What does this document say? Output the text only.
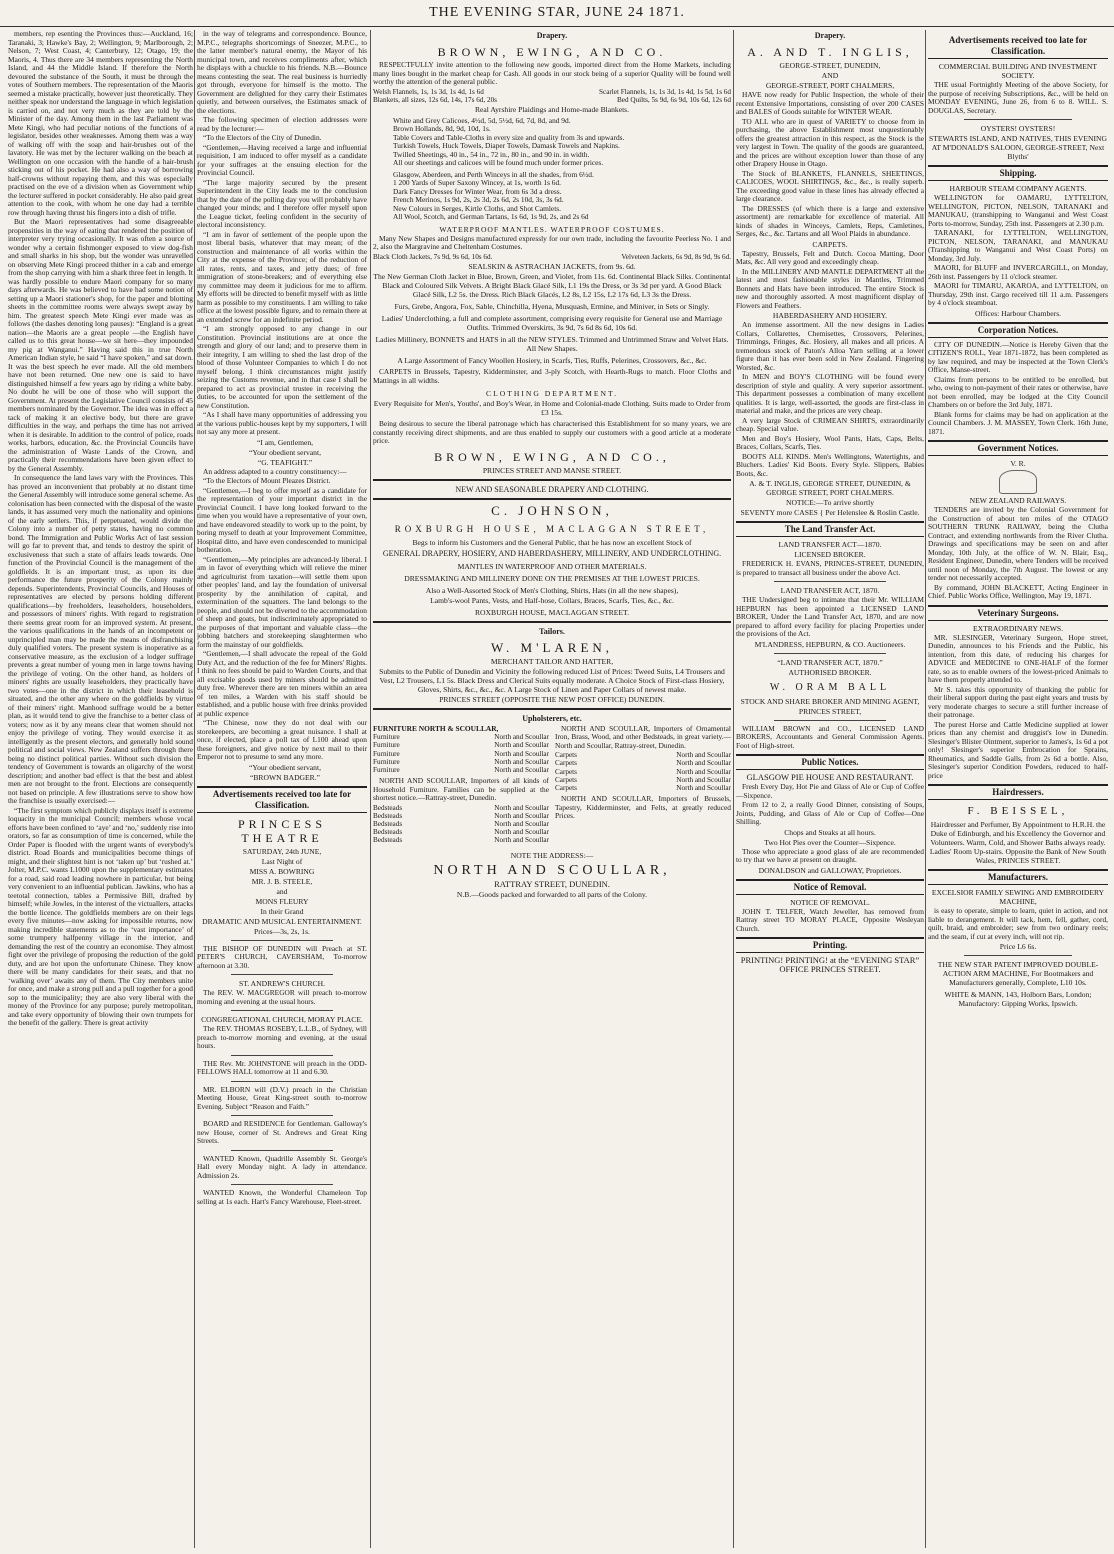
THE EVENING STAR, JUNE 24 1871.

members, rep esenting the Provinces thus:—Auckland, 16; Taranaki, 3; Hawke's Bay, 2; Wellington, 9; Marlborough, 2; Nelson, 7; West Coast, 4; Canterbury, 12; Otago, 19; the Maoris, 4. Thus there are 34 members representing the North Island, and 44 the Middle Island. If therefore the North devoured the substance of the South, it must be through the votes of Southern members. The representation of the Maoris seemed a mistake practically, however just theoretically. They neither speak nor understand the language in which legislation is carried on, and not very much as they are told by the Minister of the day. Among them in the last Parliament was Mete Kingi, who had peculiar notions of the functions of a legislator, besides other weaknesses. Among them was a way of walking off with the soap and hair-brushes out of the lavatory. He was met by the lecturer walking on the beach at Wellington on one occasion with the handle of a hair-brush sticking out of his pocket. He had also a way of borrowing half-crowns without repaying them, and this was especially practised on the eve of a division when as Government whip the lecturer suffered in pocket considerably. He also paid great attention to the cook, with whom he one day had a terrible row through having thrust his fingers into a dish of trifle.

But the Maori representatives had some disagreeable propensities in the way of eating that rendered the position of interpreter very trying occasionally. It was often a source of wonder why a certain fishmonger exposed to view dog-fish and small sharks in his shop, but the wonder was unravelled on observing Mete Kingi proceed thither in a cab and emerge from the shop carrying with him a shark three feet in length. It was hardly possible to endure Maori company for so many days afterwards. He was believed to have had some notion of setting up a Maori stationer's shop, for the paper and blotting sheets in the committee rooms were always swept away by him. The greatest speech Mete Kingi ever made was as follows (the dashes denoting long pauses): “England is a great nation—the Maoris are a great people —the English have called us to this great house—we sit here—they impounded my pig at Wanganui.” Having said this in true North American Indian style, he said “I have spoken,” and sat down. It was the best speech he ever made. All the old members have not been returned. One new one is said to have distinguished himself a few years ago by riding a white baby. No doubt he will be one of those who will support the Government. At present the Legislative Council consists of 45 members nominated by the Governor. The idea was in effect a tack of making it an elective body, but there are grave difficulties in the way, and perhaps the time has not arrived when it is desirable. In addition to the control of police, roads works, harbors, education, &c. the Provincial Councils have the administration of Waste Lands of the Crown, and practically their recommendations have been given effect to by the General Assembly.

In consequence the land laws vary with the Provinces. This has proved an inconvenient that probably at no distant time the General Assembly will introduce some general scheme. As colonisation has been connected with the disposal of the waste lands, it has assumed very much the nationality and opinions of the early settlers. This, if perpetuated, would divide the Colony into a number of petty states, having no common bond. The Immigration and Public Works Act of last session will go far to prevent that, and tends to destroy the spirit of exclusiveness that such a state of affairs leads towards. One function of the Provincial Council is the management of the goldfields. It is an important trust, as upon its due performance the future prosperity of the Colony mainly depends. Superintendents, Provincial Councils, and Houses of representatives are elected by persons holding different qualifications—by freeholders, leaseholders, householders, and possessors of miners' rights. With regard to registration there seems great room for an improved system. At present, the various qualifications in the hands of an incompetent or unprincipled man may be made the means of disfranchising duly qualified voters. The present system is inoperative as a conservative measure, as the exclusion of a lodger suffrage prevents a great number of young men in large towns having the privilege of voting. On the other hand, as holders of miners' rights are usually leaseholders, they practically have two votes—one in the district in which their leasehold is situated, and the other any where on the goldfields by virtue of their miners' right. Manhood suffrage would be a better plan, as it would tend to give the franchise to a better class of voters; now as it by any means clear that women should not enjoy the privilege of voting. They would exercise it as intelligently as the present electors, and generally hold sound political and social views. New Zealand suffers through there being no distinct political parties. Without such division the tendency of Government is towards an oligarchy of the worst description; and another bad effect is that the best and ablest men are not brought to the front. Elections are consequently not based on principle. A few illustrations serve to show how the franchise is usually exercised:—

“The first symptom which publicly displays itself is extreme loquacity in the municipal Council; members whose vocal efforts have been confined to ‘aye’ and ‘no,’ suddenly rise into orators, so far as consumption of time is concerned, while the Order Paper is flooded with the urgent wants of everybody's district. Road Boards and municipalities become things of might, and their slightest hint is not ‘taken up’ but ‘rushed at.’ Jolter, M.P.C. wants L1000 upon the supplementary estimates for a road, said road leading nowhere in particular, but being very convenient to an influential publican. Jawkins, who has a teetotal connection, tables a Permissive Bill, drafted by himself; while Jowles, in the interest of the victuallers, attacks the bottle licence. The goldfields members are on their legs every five minutes—now asking for impossible returns, now making incredible statements as to the ‘vast importance’ of some trumpery halfpenny village in the interior, and demanding the rest of the country an economise. They almost fight over the privilege of proposing the reduction of the gold duty, and are hot upon the unfortunate Chinese. They know there will be many candidates for their seats, and that no ‘walking over’ awaits any of them. The City members unite for once, and make a strong pull and a pull together for a good sop to the municipality; they are also very liberal with the money of the Province for any purpose; purely metropolitan, and take every opportunity of blowing their own trumpets for the benefit of the gallery. There is great activity

in the way of telegrams and correspondence. Bounce, M.P.C., telegraphs shortcomings of Sneezer, M.P.C., to the latter member's natural enemy, the Mayor of his municipal town, and receives compliments after, which he displays with a chuckle to his friends. N.B.—Bounce means contesting the seat. The real business is hurriedly got through, everyone for himself is the motto. The Government are delighted for they carry their Estimates quietly, and between ourselves, the Estimates smack of the elections.

The following specimen of election addresses were read by the lecturer:—

“To the Electors of the City of Dunedin.

“Gentlemen,—Having received a large and influential requisition, I am induced to offer myself as a candidate for your suffrages at the ensuing election for the Provincial Council.

“The large majority secured by the present Superintendent in the City leads me to the conclusion that by the date of the polling day you will probably have changed your minds; and I therefore offer myself upon the League ticket, feeling confident in the security of electoral inconsistency.

“I am in favor of settlement of the people upon the most liberal basis, whatever that may mean; of the construction and maintenance of all works within the City at the expense of the Province; of the reduction of all rates, rents, and taxes, and jetty dues; of free immigration of stone-breakers; and of everything else my committee may deem it judicious for me to affirm. My efforts will be directed to benefit myself with as little harm as possible to my constituents. I am willing to take office at the lowest possible figure, and to remain there at an extended screw for an indefinite period.

“I am strongly opposed to any change in our Constitution. Provincial institutions are at once the strength and glory of our land; and to preserve them in their integrity, I am willing to shed the last drop of the blood of those Volunteer Companies to which I do not myself belong. I think circumstances might justify seizing the Customs revenue, and in that case I shall be prepared to act as provincial trustee in receiving the duties, to be accounted for upon the settlement of the new Constitution.

“As I shall have many opportunities of addressing you at the various public-houses kept by my supporters, I will not say any more at present.

“I am, Gentlemen,

“Your obedient servant,

“G. TEAFIGHT.”

An address adapted to a country constituency:—

“To the Electors of Mount Pleazes District.

“Gentlemen,—I beg to offer myself as a candidate for the representation of your important district in the Provincial Council. I have long looked forward to the time when you would have a representative of your own, and have endeavored steadily to work up to the point, by boring myself to death at your Improvement Committee, Hospital ditto, and have even condescended to municipal botheration.

“Gentlemen,—My principles are advanced-ly liberal. I am in favor of everything which will relieve the miner and agriculturist from taxation—will settle them upon other peoples' land, and lay the foundation of universal prosperity by the annihilation of capital, and extermination of the squatters. The land belongs to the people, and should not be diverted to the accommodation of sheep and goats, but indiscriminately appropriated to the purposes of that important and valuable class—the jobbing hatchers and storekeeping slaughtermen who form the mainstay of our goldfields.

“Gentlemen,—I shall advocate the repeal of the Gold Duty Act, and the reduction of the fee for Miners' Rights. I think no fees should be paid to Warden Courts, and that all excisable goods used by miners should be admitted duty free. Wherever there are ten miners within an area of ten miles, a Warden with his staff should be established, and a public house with free drinks provided at public expence

“The Chinese, now they do not deal with our storekeepers, are becoming a great nuisance. I shall at once, if elected, place a poll tax of L100 ahead upon these foreigners, and give notice by next mail to their Emperor not to presume to send any more.

“Your obedient servant,

“BROWN BADGER.”

Advertisements received too late for Classification.
PRINCESS THEATRE
SATURDAY, 24th JUNE,
Last Night of
MISS A. BOWRING
MR. J. B. STEELE,
and
MONS FLEURY
In their Grand
DRAMATIC AND MUSICAL ENTERTAINMENT.
Prices—3s, 2s, 1s.

THE BISHOP OF DUNEDIN will Preach at ST. PETER'S CHURCH, CAVERSHAM, To-morrow afternoon at 3.30.

ST. ANDREW'S CHURCH.

The REV. W. MACGREGOR will preach to-morrow morning and evening at the usual hours.

CONGREGATIONAL CHURCH, MORAY PLACE.

The REV. THOMAS ROSEBY, L.L.B., of Sydney, will preach to-morrow morning and evening, at the usual hours.

THE Rev. Mr. JOHNSTONE will preach in the ODD-FELLOWS HALL tomorrow at 11 and 6.30.

MR. ELBORN will (D.V.) preach in the Christian Meeting House, Great King-street south to-morrow Evening. Subject “Reason and Faith.”

BOARD and RESIDENCE for Gentleman. Galloway's new House, corner of St. Andrews and Great King Streets.

WANTED Known, Quadrille Assembly St. George's Hall every Monday night. A lady in attendance. Admission 2s.

WANTED Known, the Wonderful Chameleon Top selling at 1s each. Hart's Fancy Warehouse, Fleet-street.

Drapery.
BROWN, EWING, AND CO.

RESPECTFULLY invite attention to the following new goods, imported direct from the Home Markets, including many lines bought in the market cheap for Cash. All goods in our stock being of a superior Quality will be found well worthy the attention of the general public.

Welsh Flannels, 1s, 1s 3d, 1s 4d, 1s 6d	Scarlet Flannels, 1s, 1s 3d, 1s 4d, 1s 5d, 1s 6d
Blankets, all sizes, 12s 6d, 14s, 17s 6d, 20s	Bed Quilts, 5s 9d, 6s 9d, 10s 6d, 12s 6d
Real Ayrshire Plaidings and Home-made Blankets.
White and Grey Calicoes, 4½d, 5d, 5½d, 6d, 7d, 8d, and 9d.
Brown Hollands, 8d, 9d, 10d, 1s.
Table Covers and Table-Cloths in every size and quality from 3s and upwards.
Turkish Towels, Huck Towels, Diaper Towels, Damask Towels and Napkins.
Twilled Sheetings, 40 in., 54 in., 72 in., 80 in., and 90 in. in width.
All our sheetings and calicoes will be found much under former prices.
Glasgow, Aberdeen, and Perth Winceys in all the shades, from 6½d.
1 200 Yards of Super Saxony Wincey, at 1s, worth 1s 6d.
Dark Fancy Dresses for Winter Wear, from 6s 3d a dress.
French Merinos, 1s 9d, 2s, 2s 3d, 2s 6d, 2s 10d, 3s, 3s 6d.
New Colours in Serges, Kirtle Cloths, and Shot Camlets.
All Wool, Scotch, and German Tartans, 1s 6d, 1s 9d, 2s, and 2s 6d
WATERPROOF MANTLES. WATERPROOF COSTUMES.

Many New Shapes and Designs manufactured expressly for our own trade, including the favourite Peerless No. 1 and 2, also the Margravine and Cheltenham Costumes.

Black Cloth Jackets, 7s 9d, 9s 6d, 10s 6d.	Velveteen Jackets, 6s 9d, 8s 9d, 9s 6d.
SEALSKIN & ASTRACHAN JACKETS, from 9s. 6d.
The New German Cloth Jacket in Blue, Brown, Green, and Violet, from 11s. 6d. Continental Black Silks. Continental Black and Coloured Silk Velvets. A Bright Black Glacé Silk, L1 19s the Dress, or 3s 3d per yard. A Good Black Glacé Silk, L2 5s. the Dress. Rich Black Glacés, L2 8s, L2 15s, L2 17s 6d, L3 3s the Dress.
Furs, Grebe, Angora, Fox, Sable, Chinchilla, Hyena, Musquash, Ermine, and Miniver, in Sets or Singly.
Ladies' Underclothing, a full and complete assortment, comprising every requisite for General use and Marriage Outfits. Trimmed Overskirts, 3s 9d, 7s 6d 8s 6d, 10s 6d.
Ladies Millinery, BONNETS and HATS in all the NEW STYLES. Trimmed and Untrimmed Straw and Velvet Hats. All New Shapes.
A Large Assortment of Fancy Woollen Hosiery, in Scarfs, Ties, Ruffs, Pelerines, Crossovers, &c., &c.

CARPETS in Brussels, Tapestry, Kidderminster, and 3-ply Scotch, with Hearth-Rugs to match. Floor Cloths and Mattings in all widths.

CLOTHING DEPARTMENT.
Every Requisite for Men's, Youths', and Boy's Wear, in Home and Colonial-made Clothing. Suits made to Order from £3 15s.

Being desirous to secure the liberal patronage which has characterised this Establishment for so many years, we are constantly receiving direct shipments, and are thus enabled to supply our customers with a good article at a moderate price.

BROWN, EWING, AND CO.,
PRINCES STREET AND MANSE STREET.
NEW AND SEASONABLE DRAPERY AND CLOTHING.
C. JOHNSON,
ROXBURGH HOUSE, MACLAGGAN STREET,
Begs to inform his Customers and the General Public, that he has now an excellent Stock of
GENERAL DRAPERY, HOSIERY, AND HABERDASHERY, MILLINERY, AND UNDERCLOTHING.
MANTLES IN WATERPROOF AND OTHER MATERIALS.
DRESSMAKING AND MILLINERY DONE ON THE PREMISES AT THE LOWEST PRICES.
Also a Well-Assorted Stock of Men's Clothing, Shirts, Hats (in all the new shapes),
Lamb's-wool Pants, Vests, and Half-hose, Collars, Braces, Scarfs, Ties, &c., &c.
ROXBURGH HOUSE, MACLAGGAN STREET.
Tailors.
W. M'LAREN,
MERCHANT TAILOR AND HATTER,
Submits to the Public of Dunedin and Vicinity the following reduced List of Prices: Tweed Suits, L4 Trousers and Vest, L2 Trousers, L1 5s. Black Dress and Clerical Suits equally moderate. A Choice Stock of First-class Hosiery, Gloves, Shirts, &c., &c., &c. A Large Stock of Linen and Paper Collars of newest make.
PRINCES STREET (OPPOSITE THE NEW POST OFFICE) DUNEDIN.
Upholsterers, etc.
FURNITURE NORTH & SCOULLAR,
Furniture	North and Scoullar
Furniture	North and Scoullar
Furniture	North and Scoullar
Furniture	North and Scoullar
Furniture	North and Scoullar

NORTH AND SCOULLAR, Importers of all kinds of Household Furniture. Families can be supplied at the shortest notice.—Rattray-street, Dunedin.

Bedsteads	North and Scoullar
Bedsteads	North and Scoullar
Bedsteads	North and Scoullar
Bedsteads	North and Scoullar
Bedsteads	North and Scoullar

NORTH AND SCOULLAR, Importers of Ornamental Iron, Brass, Wood, and other Bedsteads, in great variety.—North and Scoullar, Rattray-street, Dunedin.

Carpets	North and Scoullar
Carpets	North and Scoullar
Carpets	North and Scoullar
Carpets	North and Scoullar
Carpets	North and Scoullar

NORTH AND SCOULLAR, Importers of Brussels, Tapestry, Kidderminster, and Felts, at greatly reduced Prices.

NOTE THE ADDRESS:—
NORTH AND SCOULLAR,
RATTRAY STREET, DUNEDIN.
N.B.—Goods packed and forwarded to all parts of the Colony.
Drapery.
A. AND T. INGLIS,
GEORGE-STREET, DUNEDIN,
AND
GEORGE-STREET, PORT CHALMERS,

HAVE now ready for Public Inspection, the whole of their recent Extensive Importations, consisting of over 200 CASES and BALES of Goods suitable for WINTER WEAR.

TO ALL who are in quest of VARIETY to choose from in purchasing, the above Establishment most unquestionably offers the greatest attraction in this respect, as the Stock is the very largest in Town. The quality of the goods are guaranteed, and the prices are without exception lower than those of any other Drapery House in Otago.

The Stock of BLANKETS, FLANNELS, SHEETINGS, CALICOES, WOOL SHIRTINGS, &c., &c., is really superb. The exceeding good value in these lines has already effected a large clearance.

The DRESSES (of which there is a large and extensive assortment) are remarkable for excellence of material. All kinds of shades in Winceys, Camlets, Reps, Camletines, Serges, &c., &c. Tartans and all Wool Plaids in abundance.

CARPETS.

Tapestry, Brussels, Felt and Dutch. Cocoa Matting, Door Mats, &c. All very good and exceedingly cheap.

In the MILLINERY AND MANTLE DEPARTMENT all the latest and most fashionable styles in Mantles, Trimmed Bonnets and Hats have been introduced. The entire Stock is new and thoroughly assorted. A most magnificent display of Flowers and Feathers.

HABERDASHERY AND HOSIERY.

An immense assortment. All the new designs in Ladies Collars, Collarettes, Chemisettes, Crossovers, Pelerines, Trimmings, Fringes, &c. Hosiery, all makes and all prices. A tremendous stock of Paton's Alloa Yarn selling at a lower figure than it has ever been sold in New Zealand. Fingering Worsted, &c.

In MEN and BOY'S CLOTHING will be found every description of style and quality. A very superior assortment. This department possesses a combination of many excellent qualities. It is large, well-assorted, the goods are first-class in material and make, and the prices are very cheap.

A very large Stock of CRIMEAN SHIRTS, extraordinarily cheap. Special value.

Men and Boy's Hosiery, Wool Pants, Hats, Caps, Belts, Braces, Collars, Scarfs, Ties.

BOOTS ALL KINDS. Men's Wellingtons, Watertights, and Bluchers. Ladies' Kid Boots. Every Style. Slippers, Babies Boots, &c.

A. & T. INGLIS, GEORGE STREET, DUNEDIN, & GEORGE STREET, PORT CHALMERS.
NOTICE:—To arrive shortly
SEVENTY more CASES { Per Helenslee & Roslin Castle.
The Land Transfer Act.
LAND TRANSFER ACT—1870.
LICENSED BROKER.

FREDERICK H. EVANS, PRINCES-STREET, DUNEDIN, is prepared to transact all business under the above Act.

LAND TRANSFER ACT, 1870.

THE Undersigned beg to intimate that their Mr. WILLIAM HEPBURN has been appointed a LICENSED LAND BROKER, Under the Land Transfer Act, 1870, and are now prepared to afford every facility for placing Properties under the provisions of the Act.

M'LANDRESS, HEPBURN, & CO. Auctioneers.
“LAND TRANSFER ACT, 1870.”
AUTHORISED BROKER.
W. ORAM BALL
STOCK AND SHARE BROKER AND MINING AGENT,
PRINCES STREET,

WILLIAM BROWN and CO., LICENSED LAND BROKERS, Accountants and General Commission Agents. Foot of High-street.

Public Notices.
GLASGOW PIE HOUSE AND RESTAURANT.

Fresh Every Day, Hot Pie and Glass of Ale or Cup of Coffee—Sixpence.

From 12 to 2, a really Good Dinner, consisting of Soups, Joints, Pudding, and Glass of Ale or Cup of Coffee—One Shilling.

Chops and Steaks at all hours.
Two Hot Pies over the Counter—Sixpence.

Those who appreciate a good glass of ale are recommended to try that we have at present on draught.

DONALDSON and GALLOWAY, Proprietors.
Notice of Removal.
NOTICE OF REMOVAL.

JOHN T. TELFER, Watch Jeweller, has removed from Rattray street TO MORAY PLACE, Opposite Wesleyan Church.

Printing.
PRINTING! PRINTING! at the “EVENING STAR” OFFICE PRINCES STREET.
Advertisements received too late for Classification.
COMMERCIAL BUILDING AND INVESTMENT SOCIETY.

THE usual Fortnightly Meeting of the above Society, for the purpose of receiving Subscriptions, &c., will be held on MONDAY EVENING, June 26, from 6 to 8. WILL. S. DOUGLAS, Secretary.

OYSTERS! OYSTERS!
STEWARTS ISLAND, AND NATIVES, THIS EVENING AT M'DONALD'S SALOON, GEORGE-STREET, Next Blyths'
Shipping.
HARBOUR STEAM COMPANY AGENTS.

WELLINGTON for OAMARU, LYTTELTON, WELLINGTON, PICTON, NELSON, TARANAKI and MANUKAU, (transhipping to Wanganui and West Coast Ports to-morrow, Sunday, 25th inst. Passengers at 2.30 p.m.

TARANAKI, for LYTTELTON, WELLINGTON, PICTON, NELSON, TARANAKI, and MANUKAU (Transhipping to Wanganui and West Coast Ports) on Monday, 3rd July.

MAORI, for BLUFF and INVERCARGILL, on Monday, 26th inst. Passengers by 11 o'clock steamer.

MAORI for TIMARU, AKAROA, and LYTTELTON, on Thursday, 29th inst. Cargo received till 11 a.m. Passengers by 4 o'clock steamboat.

Offices: Harbour Chambers.
Corporation Notices.

CITY OF DUNEDIN.—Notice is Hereby Given that the CITIZEN'S ROLL, Year 1871-1872, has been completed as by law required, and may be inspected at the Town Clerk's Office, Manse-street.

Claims from persons to be entitled to be enrolled, but who, owing to non-payment of their rates or otherwise, have not been enrolled, may be lodged at the City Council Chambers on or before the 3rd July, 1871.

Blank forms for claims may be had on application at the Council Chambers. J. M. MASSEY, Town Clerk. 16th June, 1871.

Government Notices.
V. R.
NEW ZEALAND RAILWAYS.

TENDERS are invited by the Colonial Government for the Construction of about ten miles of the OTAGO SOUTHERN TRUNK RAILWAY, being the Clutha Contract, and extending northwards from the River Clutha. Drawings and specifications may be seen on and after Monday, 10th July, at the office of W. N. Blair, Esq., Resident Engineer, Dunedin, where Tenders will be received until noon of Monday, the 7th August. The lowest or any tender not necessarily accepted.

By command, JOHN BLACKETT, Acting Engineer in Chief. Public Works Office, Wellington, May 19, 1871.

Veterinary Surgeons.
EXTRAORDINARY NEWS.

MR. SLESINGER, Veterinary Surgeon, Hope street, Dunedin, announces to his Friends and the Public, his intention, from this date, of reducing his charges for ADVICE and MEDICINE to ONE-HALF of the former rate, so as to enable owners of the lowest-priced Animals to have them properly attended to.

Mr S. takes this opportunity of thanking the public for their liberal support during the past eight years and trusts by very moderate charges to secure a still further increase of their patronage.

The purest Horse and Cattle Medicine supplied at lower prices than any chemist and druggist's low in Dunedin. Slesinger's Blister Ointment, superior to James's, 1s 6d a pot only! Slesinger's superior Embrocation for Sprains, Rheumatics, and Saddle Galls, from 2s 6d a bottle. Also, Slesinger's superior Condition Powders, reduced to half-price

Hairdressers.
F. BEISSEL,
Hairdresser and Perfumer, By Appointment to H.R.H. the Duke of Edinburgh, and his Excellency the Governor and Volunteers. Warm, Cold, and Shower Baths always ready. Ladies' Room Up-stairs. Opposite the Bank of New South Wales, PRINCES STREET.
Manufacturers.
EXCELSIOR FAMILY SEWING AND EMBROIDERY MACHINE,

is easy to operate, simple to learn, quiet in action, and not liable to derangement. It will tack, hem, fell, gather, cord, quilt, braid, and embroider; sew from two ordinary reels; and the seam, if cut at every inch, will not rip.

Price L6 6s.
THE NEW STAR PATENT IMPROVED DOUBLE-ACTION ARM MACHINE, For Bootmakers and Manufacturers generally, Complete, L10 10s.
WHITE & MANN, 143, Holborn Bars, London; Manufactory: Gipping Works, Ipswich.
